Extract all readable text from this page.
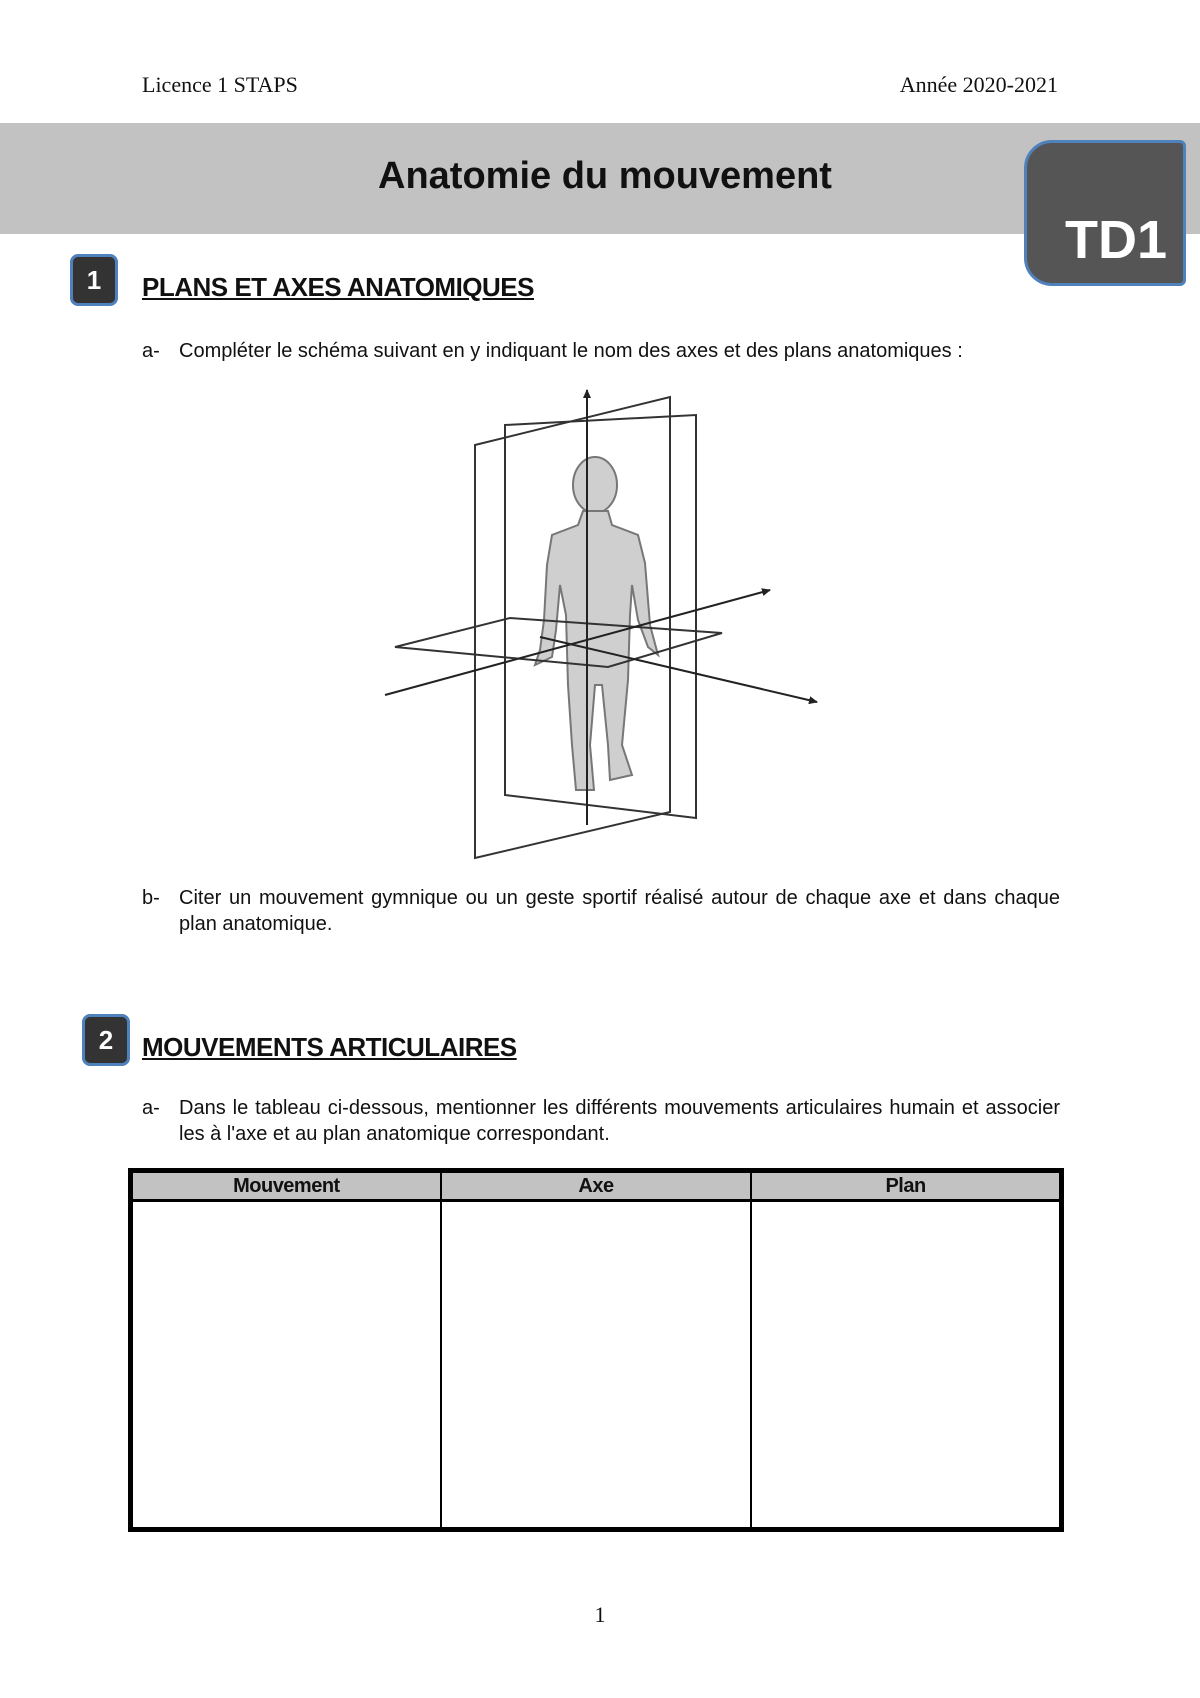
Licence 1 STAPS	Année 2020-2021
Anatomie du mouvement
TD1
1	PLANS ET AXES ANATOMIQUES
a- Compléter le schéma suivant en y indiquant le nom des axes et des plans anatomiques :
b- Citer un mouvement gymnique ou un geste sportif réalisé autour de chaque axe et dans chaque plan anatomique.
2	MOUVEMENTS ARTICULAIRES
a- Dans le tableau ci-dessous, mentionner les différents mouvements articulaires humain et associer les à l'axe et au plan anatomique correspondant.
Mouvement	Axe	Plan

1
